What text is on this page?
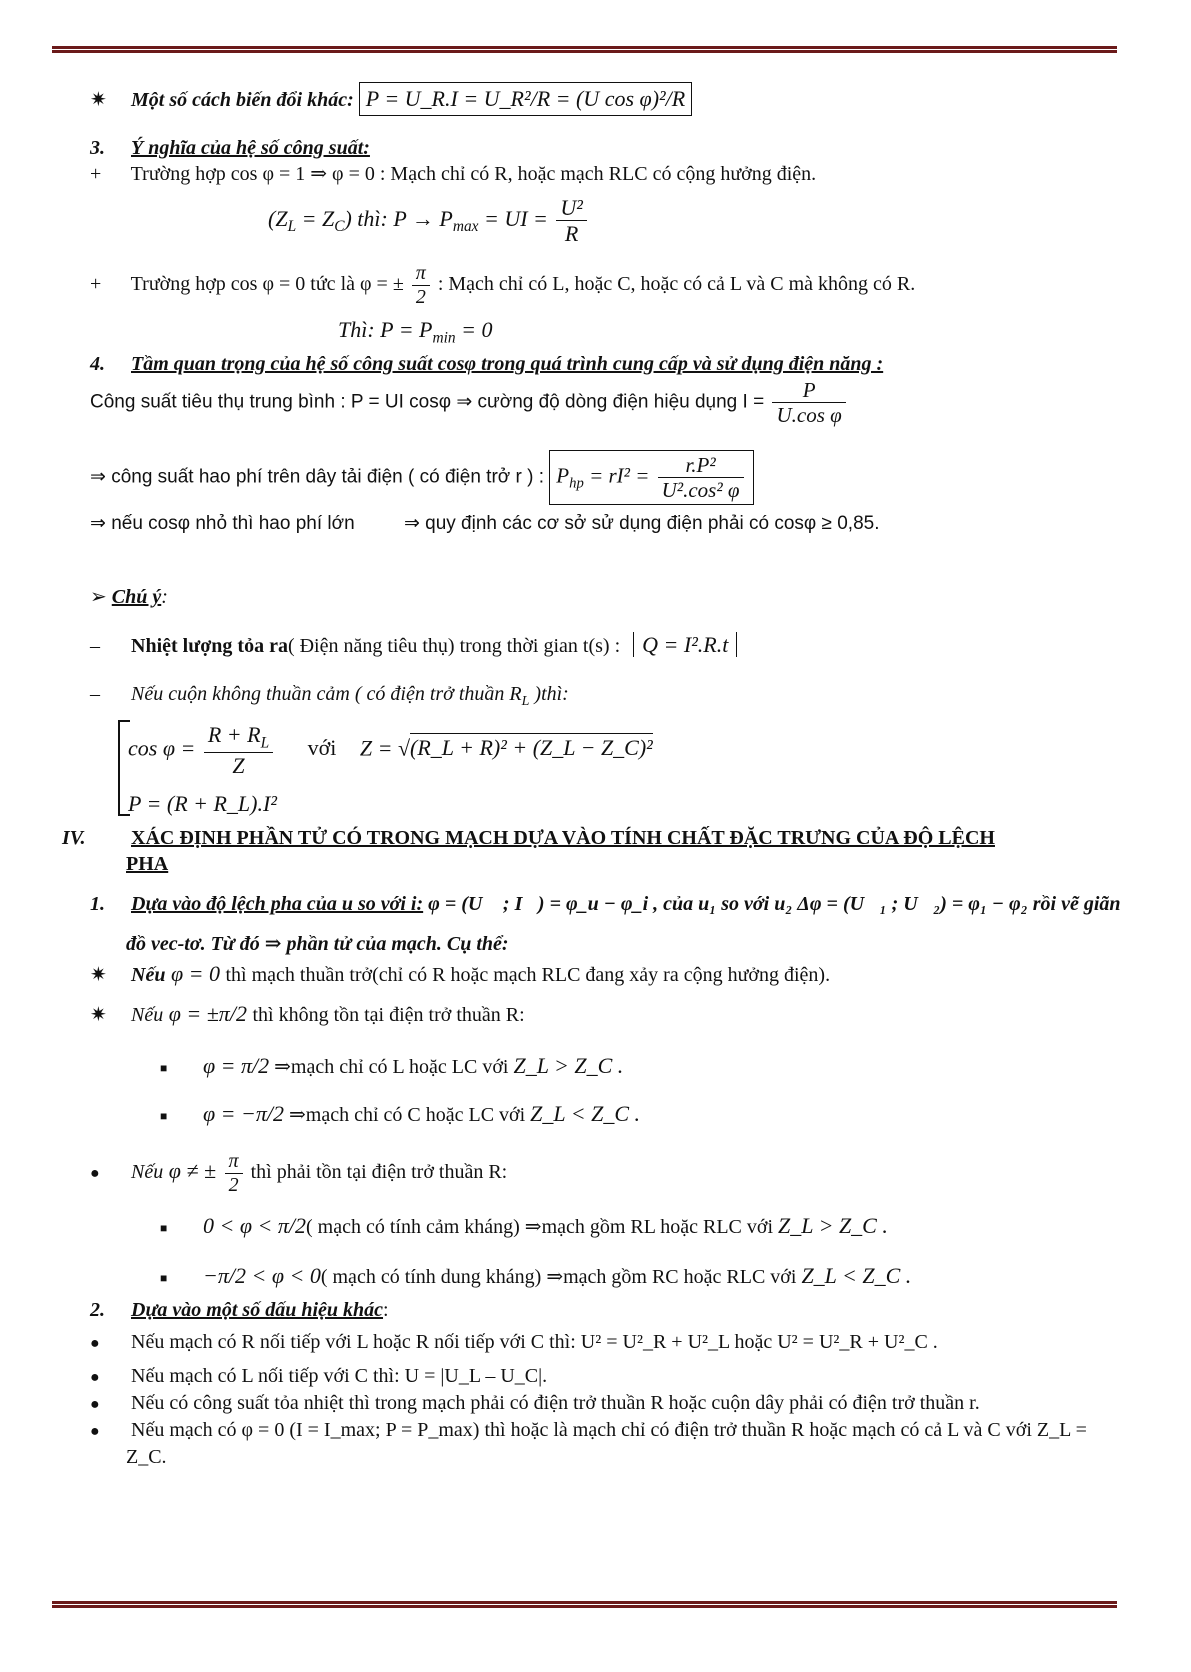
✷ Một số cách biến đổi khác: P = U_R.I = U_R²/R = (U cos φ)²/R
3. Ý nghĩa của hệ số công suất:
+ Trường hợp cos φ = 1 ⇒ φ = 0 : Mạch chỉ có R, hoặc mạch RLC có cộng hưởng điện.
$(Z_L = Z_C)$ thì: $P \to P_{max}$ = UI = $\frac{\text{U²}}{R}$
+ Trường hợp cos φ = 0 tức là φ = ± $\frac{\pi}{2}$ : Mạch chỉ có L, hoặc C, hoặc có cả L và C mà không có R.
Thì: $P = P_{min} = 0$
4. Tầm quan trọng của hệ số công suất cosφ trong quá trình cung cấp và sử dụng điện năng :
Công suất tiêu thụ trung bình : P = UI cosφ ⇒ cường độ dòng điện hiệu dụng $I = \frac{P}{\text{U.cos φ}}$
⇒ công suất hao phí trên dây tải điện ( có điện trở r ) : $P_{hp} = rI^2 = \frac{\text{r.P²}}{\text{U².cos² φ}}$
⇒ nếu cosφ nhỏ thì hao phí lớn	⇒ quy định các cơ sở sử dụng điện phải có cosφ ≥ 0,85.
➢ Chú ý:
– Nhiệt lượng tỏa ra( Điện năng tiêu thụ) trong thời gian t(s) : Q = I².R.t
– Nếu cuộn không thuần cảm ( có điện trở thuần $R_L$ )thì:
$\cos \varphi = \frac{R + R_L}{Z}$ với Z = √(R_L + R)² + (Z_L − Z_C)²
P = (R + R_L).I²
IV. XÁC ĐỊNH PHẦN TỬ CÓ TRONG MẠCH DỰA VÀO TÍNH CHẤT ĐẶC TRƯNG CỦA ĐỘ LỆCH
PHA
1. Dựa vào độ lệch pha của u so với i: φ = (U⃗ ; I⃗) = φ_u − φ_i , của u₁ so với u₂ Δφ = (U⃗₁ ; U⃗₂) = φ₁ − φ₂ rồi vẽ giãn
đồ vec-tơ. Từ đó ⇒ phần tử của mạch. Cụ thể:
✷ Nếu φ = 0 thì mạch thuần trở(chỉ có R hoặc mạch RLC đang xảy ra cộng hưởng điện).
✷ Nếu φ = ±π/2 thì không tồn tại điện trở thuần R:
■ φ = π/2 ⇒mạch chỉ có L hoặc LC với Z_L > Z_C .
■ φ = −π/2 ⇒mạch chỉ có C hoặc LC với Z_L < Z_C .
● Nếu φ ≠ ± $\frac{\pi}{2}$ thì phải tồn tại điện trở thuần R:
■ 0 < φ < π/2( mạch có tính cảm kháng) ⇒mạch gồm RL hoặc RLC với Z_L > Z_C .
■ −π/2 < φ < 0( mạch có tính dung kháng) ⇒mạch gồm RC hoặc RLC với Z_L < Z_C .
2. Dựa vào một số dấu hiệu khác:
● Nếu mạch có R nối tiếp với L hoặc R nối tiếp với C thì: U² = U²_R + U²_L hoặc U² = U²_R + U²_C .
● Nếu mạch có L nối tiếp với C thì: U = |U_L – U_C|.
● Nếu có công suất tỏa nhiệt thì trong mạch phải có điện trở thuần R hoặc cuộn dây phải có điện trở thuần r.
● Nếu mạch có φ = 0 (I = I_max; P = P_max) thì hoặc là mạch chỉ có điện trở thuần R hoặc mạch có cả L và C với Z_L =
Z_C.
